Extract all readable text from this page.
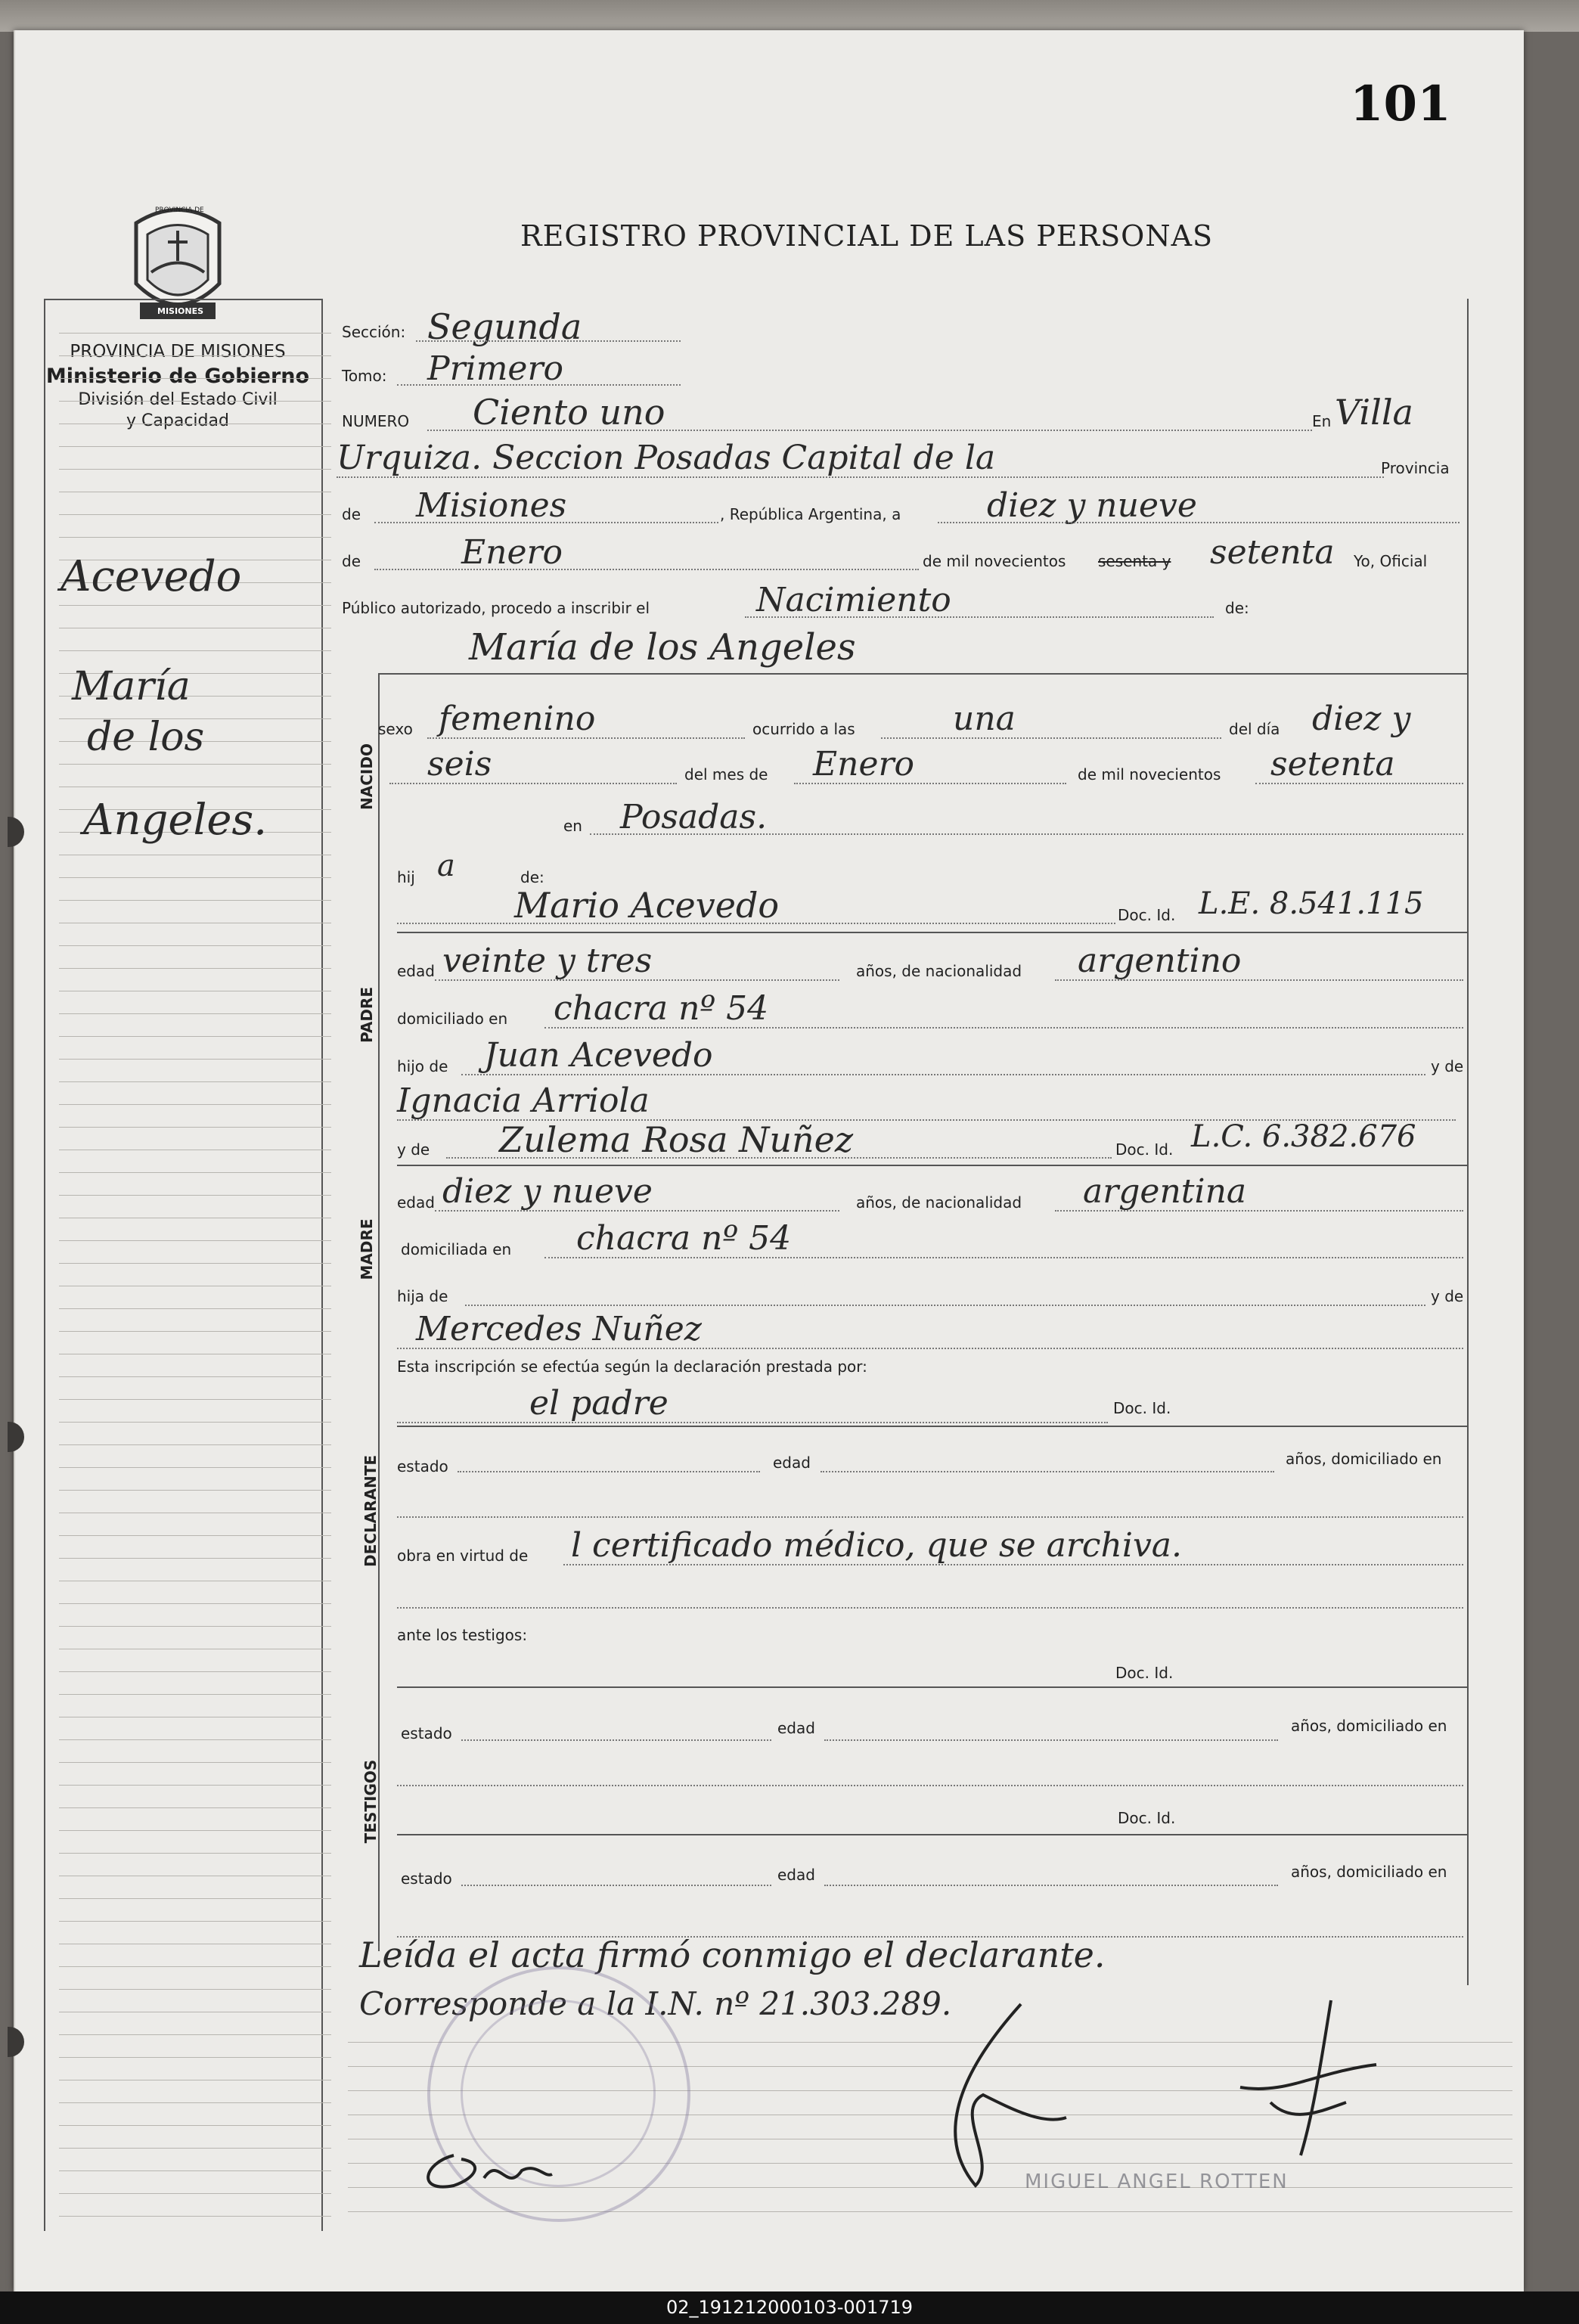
101
REGISTRO PROVINCIAL DE LAS PERSONAS
PROVINCIA DE
MISIONES
PROVINCIA DE MISIONES
Ministerio de Gobierno
División del Estado Civil
y Capacidad
Acevedo
María
de los
Angeles.
Sección: Segunda
Tomo: Primero
NUMERO Ciento uno	En Villa
Urquiza. Seccion Posadas Capital de la	Provincia
de Misiones	, República Argentina, a	diez y nueve
de	Enero	de mil novecientos sesenta y setenta Yo, Oficial
Público autorizado, procedo a inscribir el	Nacimiento	de:
María de los Angeles
NACIDO
sexo femenino	ocurrido a las	una	del día diez y
seis	del mes de Enero	de mil novecientos setenta
en Posadas.
hij a	de:
Mario Acevedo	Doc. Id. L.E. 8.541.115
PADRE
edad veinte y tres	años, de nacionalidad argentino
domiciliado en chacra nº 54
hijo de Juan Acevedo	y de
Ignacia Arriola
y de Zulema Rosa Nuñez	Doc. Id. L.C. 6.382.676
MADRE
edad diez y nueve	años, de nacionalidad argentina
domiciliada en chacra nº 54
hija de	y de
Mercedes Nuñez
Esta inscripción se efectúa según la declaración prestada por:
el padre	Doc. Id.
DECLARANTE estado	edad	años, domiciliado en
obra en virtud de l certificado médico, que se archiva.
ante los testigos:
Doc. Id.
TESTIGOS
estado	edad	años, domiciliado en
Doc. Id.
estado	edad	años, domiciliado en
Leída el acta firmó conmigo el declarante.
Corresponde a la I.N. nº 21.303.289.
MIGUEL ANGEL ROTTEN
02_191212000103-001719
